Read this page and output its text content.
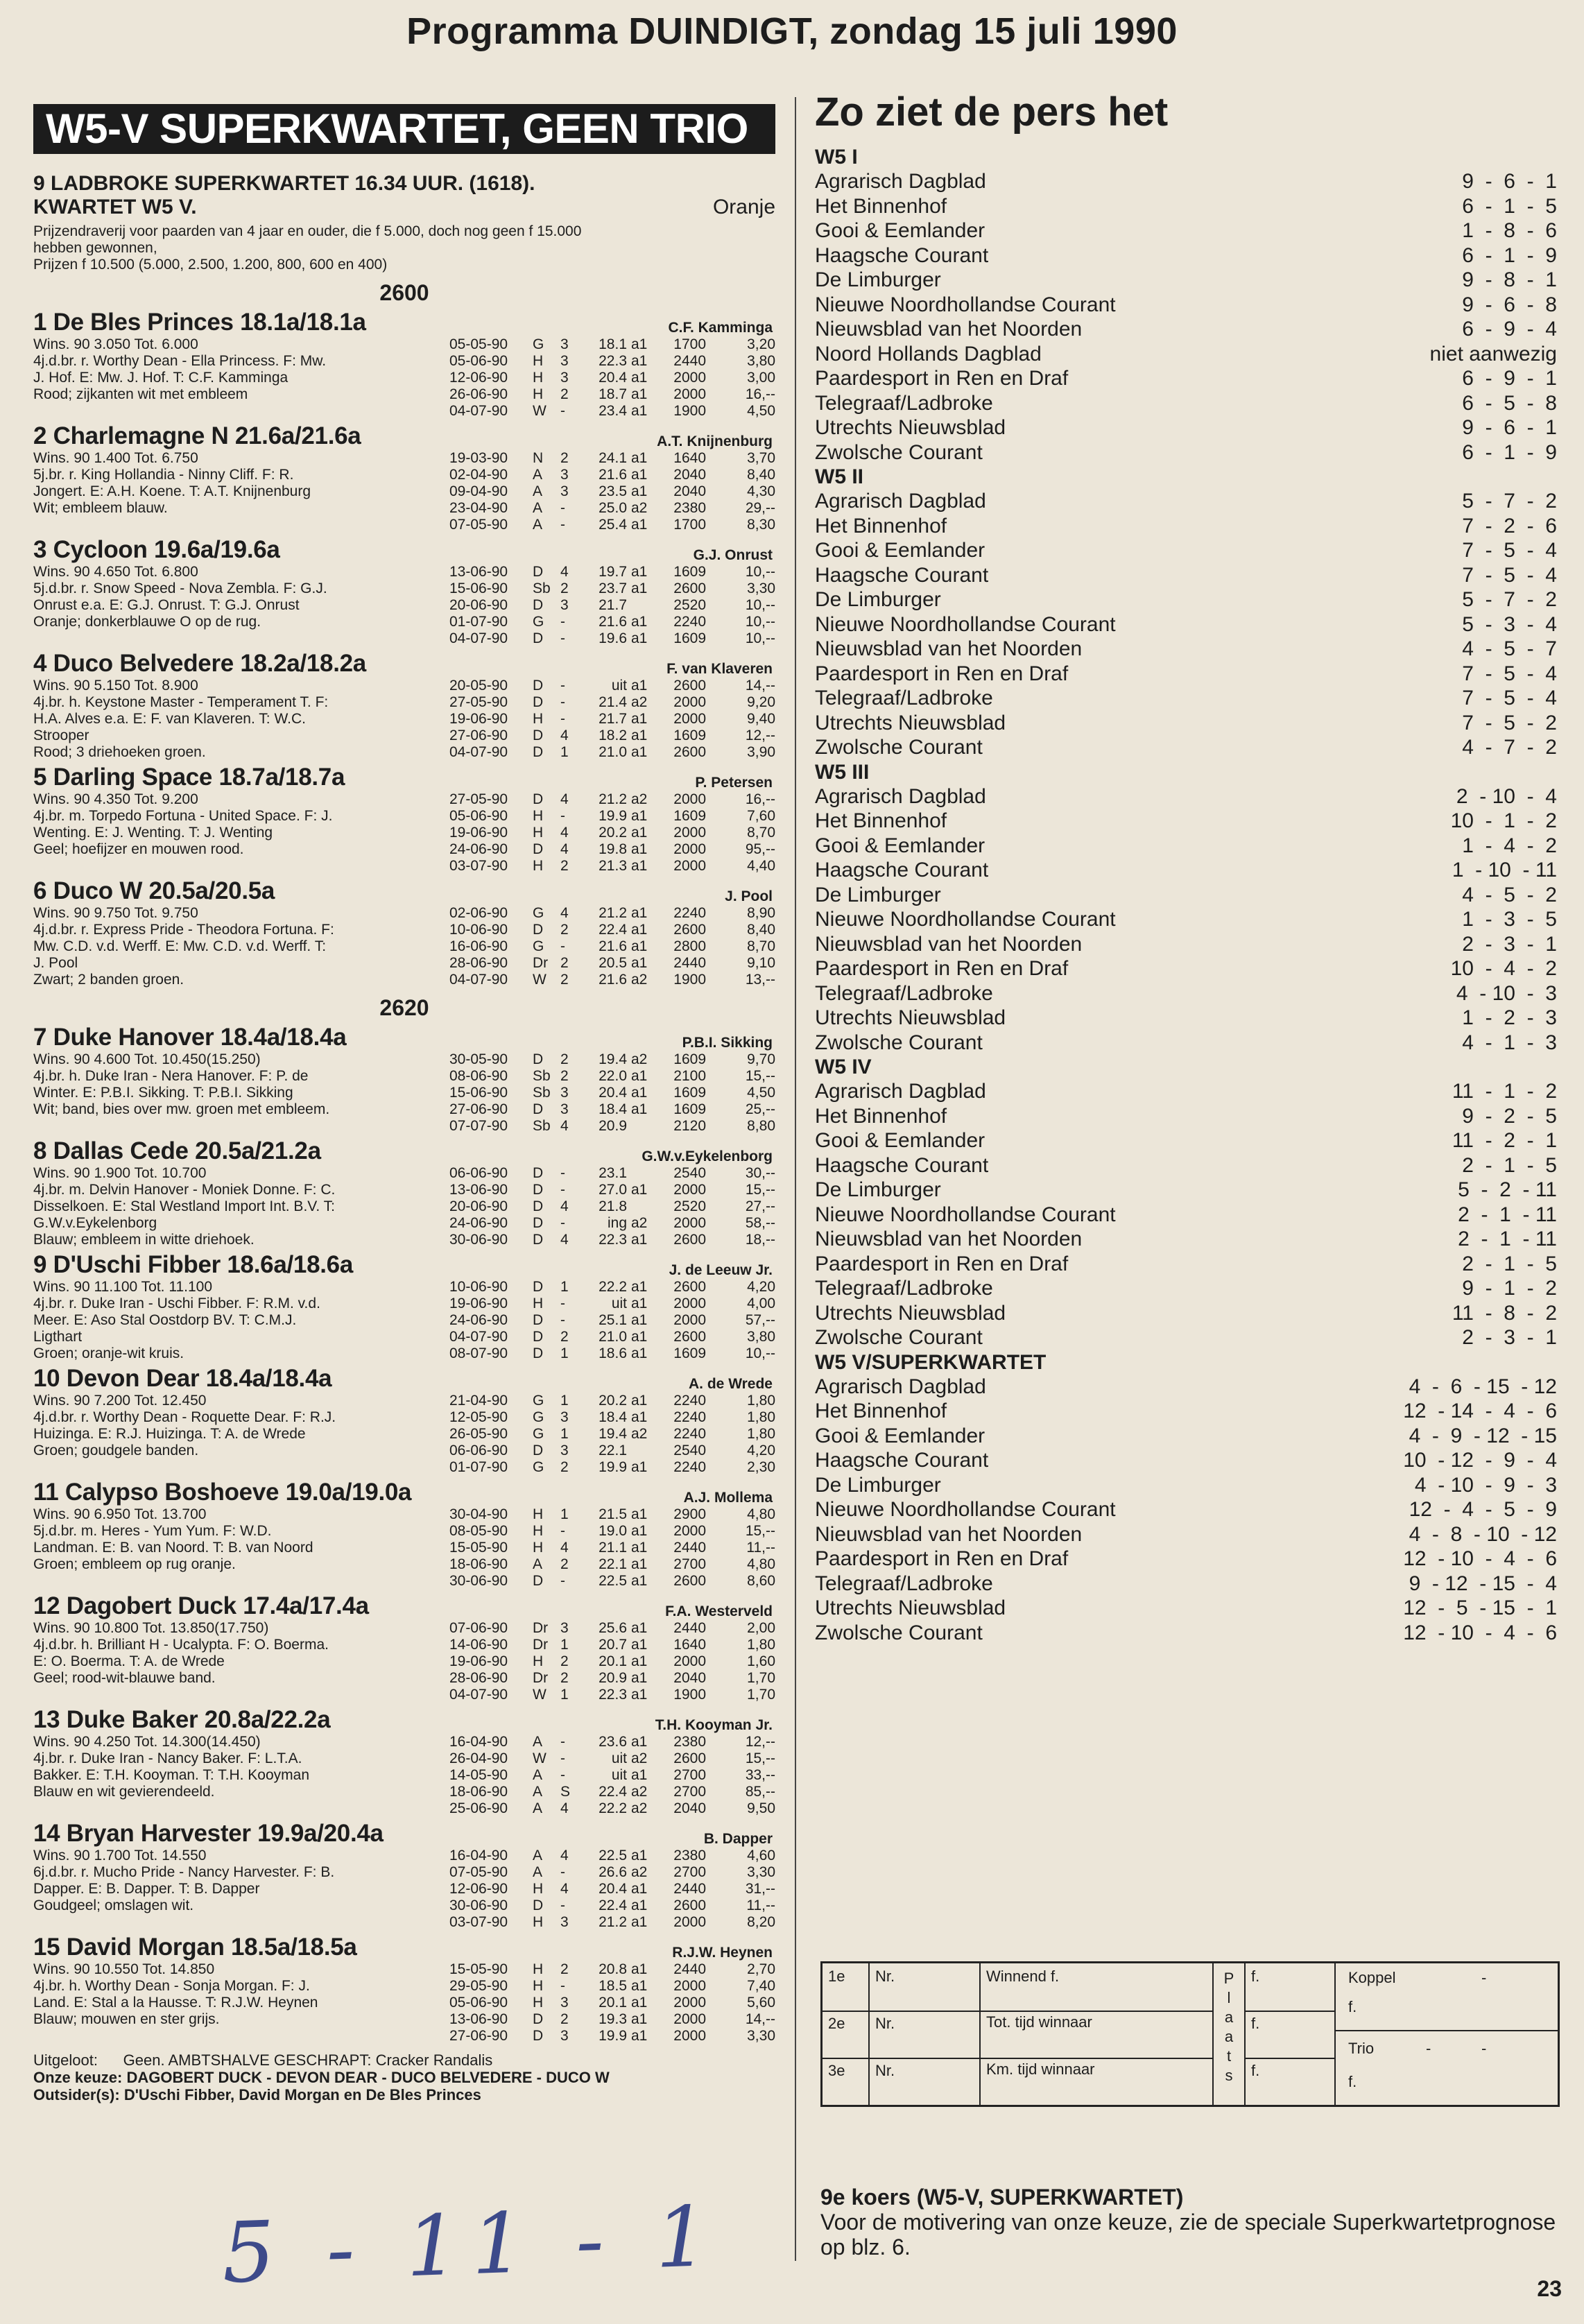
Programma DUINDIGT, zondag 15 juli 1990
W5-V SUPERKWARTET, GEEN TRIO
9 LADBROKE SUPERKWARTET 16.34 UUR. (1618).
KWARTET W5 V.	Oranje
Prijzendraverij voor paarden van 4 jaar en ouder, die f 5.000, doch nog geen f 15.000
hebben gewonnen,
Prijzen f 10.500 (5.000, 2.500, 1.200, 800, 600 en 400)
2600
1 De Bles Princes 18.1a/18.1a	C.F. Kamminga
Wins. 90 3.050 Tot. 6.000
4j.d.br. r. Worthy Dean - Ella Princess. F: Mw.
J. Hof. E: Mw. J. Hof. T: C.F. Kamminga
Rood; zijkanten wit met embleem
05-05-90	G	3	18.1 a1	1700	3,20
05-06-90	H	3	22.3 a1	2440	3,80
12-06-90	H	3	20.4 a1	2000	3,00
26-06-90	H	2	18.7 a1	2000	16,--
04-07-90	W -	23.4 a1	1900	4,50
2 Charlemagne N 21.6a/21.6a	A.T. Knijnenburg
Wins. 90 1.400 Tot. 6.750
5j.br. r. King Hollandia - Ninny Cliff. F: R.
Jongert. E: A.H. Koene. T: A.T. Knijnenburg
Wit; embleem blauw.
19-03-90	N	2	24.1 a1	1640	3,70
02-04-90	A	3	21.6 a1	2040	8,40
09-04-90	A	3	23.5 a1	2040	4,30
23-04-90	A	-	25.0 a2	2380	29,--
07-05-90	A	-	25.4 a1	1700	8,30
3 Cycloon 19.6a/19.6a	G.J. Onrust
Wins. 90 4.650 Tot. 6.800
5j.d.br. r. Snow Speed - Nova Zembla. F: G.J.
Onrust e.a. E: G.J. Onrust. T: G.J. Onrust
Oranje; donkerblauwe O op de rug.
13-06-90	D	4	19.7 a1	1609	10,--
15-06-90	Sb 2	23.7 a1	2600	3,30
20-06-90	D	3	21.7	2520	10,--
01-07-90	G	-	21.6 a1	2240	10,--
04-07-90	D	-	19.6 a1	1609	10,--
4 Duco Belvedere 18.2a/18.2a	F. van Klaveren
Wins. 90 5.150 Tot. 8.900
4j.br. h. Keystone Master - Temperament T. F:
H.A. Alves e.a. E: F. van Klaveren. T: W.C.
Strooper
Rood; 3 driehoeken groen.
20-05-90	D	-	uit a1	2600	14,--
27-05-90	D	-	21.4 a2	2000	9,20
19-06-90	H	-	21.7 a1	2000	9,40
27-06-90	D	4	18.2 a1	1609	12,--
04-07-90	D	1	21.0 a1	2600	3,90
5 Darling Space 18.7a/18.7a	P. Petersen
Wins. 90 4.350 Tot. 9.200
4j.br. m. Torpedo Fortuna - United Space. F: J.
Wenting. E: J. Wenting. T: J. Wenting
Geel; hoefijzer en mouwen rood.
27-05-90	D	4	21.2 a2	2000	16,--
05-06-90	H	-	19.9 a1	1609	7,60
19-06-90	H	4	20.2 a1	2000	8,70
24-06-90	D	4	19.8 a1	2000	95,--
03-07-90	H	2	21.3 a1	2000	4,40
6 Duco W 20.5a/20.5a	J. Pool
Wins. 90 9.750 Tot. 9.750
4j.d.br. r. Express Pride - Theodora Fortuna. F:
Mw. C.D. v.d. Werff. E: Mw. C.D. v.d. Werff. T:
J. Pool
Zwart; 2 banden groen.
02-06-90	G	4	21.2 a1	2240	8,90
10-06-90	D	2	22.4 a1	2600	8,40
16-06-90	G	-	21.6 a1	2800	8,70
28-06-90	Dr 2	20.5 a1	2440	9,10
04-07-90	W 2	21.6 a2	1900	13,--
2620
7 Duke Hanover 18.4a/18.4a	P.B.I. Sikking
Wins. 90 4.600 Tot. 10.450(15.250)
4j.br. h. Duke Iran - Nera Hanover. F: P. de
Winter. E: P.B.I. Sikking. T: P.B.I. Sikking
Wit; band, bies over mw. groen met embleem.
30-05-90	D	2	19.4 a2	1609	9,70
08-06-90	Sb 2	22.0 a1	2100	15,--
15-06-90	Sb 3	20.4 a1	1609	4,50
27-06-90	D	3	18.4 a1	1609	25,--
07-07-90	Sb 4	20.9	2120	8,80
8 Dallas Cede 20.5a/21.2a	G.W.v.Eykelenborg
Wins. 90 1.900 Tot. 10.700
4j.br. m. Delvin Hanover - Moniek Donne. F: C.
Disselkoen. E: Stal Westland Import Int. B.V. T:
G.W.v.Eykelenborg
Blauw; embleem in witte driehoek.
06-06-90	D	-	23.1	2540	30,--
13-06-90	D	-	27.0 a1	2000	15,--
20-06-90	D	4	21.8	2520	27,--
24-06-90	D	-	ing a2	2000	58,--
30-06-90	D	4	22.3 a1	2600	18,--
9 D'Uschi Fibber 18.6a/18.6a	J. de Leeuw Jr.
Wins. 90 11.100 Tot. 11.100
4j.br. r. Duke Iran - Uschi Fibber. F: R.M. v.d.
Meer. E: Aso Stal Oostdorp BV. T: C.M.J.
Ligthart
Groen; oranje-wit kruis.
10-06-90	D	1	22.2 a1	2600	4,20
19-06-90	H	-	uit a1	2000	4,00
24-06-90	D	-	25.1 a1	2000	57,--
04-07-90	D	2	21.0 a1	2600	3,80
08-07-90	D	1	18.6 a1	1609	10,--
10 Devon Dear 18.4a/18.4a	A. de Wrede
Wins. 90 7.200 Tot. 12.450
4j.d.br. r. Worthy Dean - Roquette Dear. F: R.J.
Huizinga. E: R.J. Huizinga. T: A. de Wrede
Groen; goudgele banden.
21-04-90	G	1	20.2 a1	2240	1,80
12-05-90	G	3	18.4 a1	2240	1,80
26-05-90	G	1	19.4 a2	2240	1,80
06-06-90	D	3	22.1	2540	4,20
01-07-90	G	2	19.9 a1	2240	2,30
11 Calypso Boshoeve 19.0a/19.0a	A.J. Mollema
Wins. 90 6.950 Tot. 13.700
5j.d.br. m. Heres - Yum Yum. F: W.D.
Landman. E: B. van Noord. T: B. van Noord
Groen; embleem op rug oranje.
30-04-90	H	1	21.5 a1	2900	4,80
08-05-90	H	-	19.0 a1	2000	15,--
15-05-90	H	4	21.1 a1	2440	11,--
18-06-90	A	2	22.1 a1	2700	4,80
30-06-90	D	-	22.5 a1	2600	8,60
12 Dagobert Duck 17.4a/17.4a	F.A. Westerveld
Wins. 90 10.800 Tot. 13.850(17.750)
4j.d.br. h. Brilliant H - Ucalypta. F: O. Boerma.
E: O. Boerma. T: A. de Wrede
Geel; rood-wit-blauwe band.
07-06-90	Dr 3	25.6 a1	2440	2,00
14-06-90	Dr 1	20.7 a1	1640	1,80
19-06-90	H	2	20.1 a1	2000	1,60
28-06-90	Dr 2	20.9 a1	2040	1,70
04-07-90	W 1	22.3 a1	1900	1,70
13 Duke Baker 20.8a/22.2a	T.H. Kooyman Jr.
Wins. 90 4.250 Tot. 14.300(14.450)
4j.br. r. Duke Iran - Nancy Baker. F: L.T.A.
Bakker. E: T.H. Kooyman. T: T.H. Kooyman
Blauw en wit gevierendeeld.
16-04-90	A	-	23.6 a1	2380	12,--
26-04-90	W -	uit a2	2600	15,--
14-05-90	A	-	uit a1	2700	33,--
18-06-90	A	S	22.4 a2	2700	85,--
25-06-90	A	4	22.2 a2	2040	9,50
14 Bryan Harvester 19.9a/20.4a	B. Dapper
Wins. 90 1.700 Tot. 14.550
6j.d.br. r. Mucho Pride - Nancy Harvester. F: B.
Dapper. E: B. Dapper. T: B. Dapper
Goudgeel; omslagen wit.
16-04-90	A	4	22.5 a1	2380	4,60
07-05-90	A	-	26.6 a2	2700	3,30
12-06-90	H	4	20.4 a1	2440	31,--
30-06-90	D	-	22.4 a1	2600	11,--
03-07-90	H	3	21.2 a1	2000	8,20
15 David Morgan 18.5a/18.5a	R.J.W. Heynen
Wins. 90 10.550 Tot. 14.850
4j.br. h. Worthy Dean - Sonja Morgan. F: J.
Land. E: Stal a la Hausse. T: R.J.W. Heynen
Blauw; mouwen en ster grijs.
15-05-90	H	2	20.8 a1	2440	2,70
29-05-90	H	-	18.5 a1	2000	7,40
05-06-90	H	3	20.1 a1	2000	5,60
13-06-90	D	2	19.3 a1	2000	14,--
27-06-90	D	3	19.9 a1	2000	3,30
Uitgeloot: Geen. AMBTSHALVE GESCHRAPT: Cracker Randalis
Onze keuze: DAGOBERT DUCK - DEVON DEAR - DUCO BELVEDERE - DUCO W
Outsider(s): D'Uschi Fibber, David Morgan en De Bles Princes
5 - 11 - 1
Zo ziet de pers het
W5 I
Agrarisch Dagblad	9  -  6  -  1
Het Binnenhof	6  -  1  -  5
Gooi & Eemlander	1  -  8  -  6
Haagsche Courant	6  -  1  -  9
De Limburger	9  -  8  -  1
Nieuwe Noordhollandse Courant	9  -  6  -  8
Nieuwsblad van het Noorden	6  -  9  -  4
Noord Hollands Dagblad	niet aanwezig
Paardesport in Ren en Draf	6  -  9  -  1
Telegraaf/Ladbroke	6  -  5  -  8
Utrechts Nieuwsblad	9  -  6  -  1
Zwolsche Courant	6  -  1  -  9
W5 II
Agrarisch Dagblad	5  -  7  -  2
Het Binnenhof	7  -  2  -  6
Gooi & Eemlander	7  -  5  -  4
Haagsche Courant	7  -  5  -  4
De Limburger	5  -  7  -  2
Nieuwe Noordhollandse Courant	5  -  3  -  4
Nieuwsblad van het Noorden	4  -  5  -  7
Paardesport in Ren en Draf	7  -  5  -  4
Telegraaf/Ladbroke	7  -  5  -  4
Utrechts Nieuwsblad	7  -  5  -  2
Zwolsche Courant	4  -  7  -  2
W5 III
Agrarisch Dagblad	2  - 10  -  4
Het Binnenhof	10  -  1  -  2
Gooi & Eemlander	1  -  4  -  2
Haagsche Courant	1  - 10  - 11
De Limburger	4  -  5  -  2
Nieuwe Noordhollandse Courant	1  -  3  -  5
Nieuwsblad van het Noorden	2  -  3  -  1
Paardesport in Ren en Draf	10  -  4  -  2
Telegraaf/Ladbroke	4  - 10  -  3
Utrechts Nieuwsblad	1  -  2  -  3
Zwolsche Courant	4  -  1  -  3
W5 IV
Agrarisch Dagblad	11  -  1  -  2
Het Binnenhof	9  -  2  -  5
Gooi & Eemlander	11  -  2  -  1
Haagsche Courant	2  -  1  -  5
De Limburger	5  -  2  - 11
Nieuwe Noordhollandse Courant	2  -  1  - 11
Nieuwsblad van het Noorden	2  -  1  - 11
Paardesport in Ren en Draf	2  -  1  -  5
Telegraaf/Ladbroke	9  -  1  -  2
Utrechts Nieuwsblad	11  -  8  -  2
Zwolsche Courant	2  -  3  -  1
W5 V/SUPERKWARTET
Agrarisch Dagblad	4  -  6  - 15  - 12
Het Binnenhof	12  - 14  -  4  -  6
Gooi & Eemlander	4  -  9  - 12  - 15
Haagsche Courant	10  - 12  -  9  -  4
De Limburger	4  - 10  -  9  -  3
Nieuwe Noordhollandse Courant	12  -  4  -  5  -  9
Nieuwsblad van het Noorden	4  -  8  - 10  - 12
Paardesport in Ren en Draf	12  - 10  -  4  -  6
Telegraaf/Ladbroke	9  - 12  - 15  -  4
Utrechts Nieuwsblad	12  -  5  - 15  -  1
Zwolsche Courant	12  - 10  -  4  -  6
1e	Nr.	Winnend f.	f.
2e	Nr.	Tot. tijd winnaar	f.
3e	Nr.	Km. tijd winnaar	f.
P
l
a
a
t
s
Koppel	-
f.
Trio	-	-
f.
9e koers (W5-V, SUPERKWARTET)
Voor de motivering van onze keuze, zie de speciale Superkwartetprognose op blz. 6.
23
